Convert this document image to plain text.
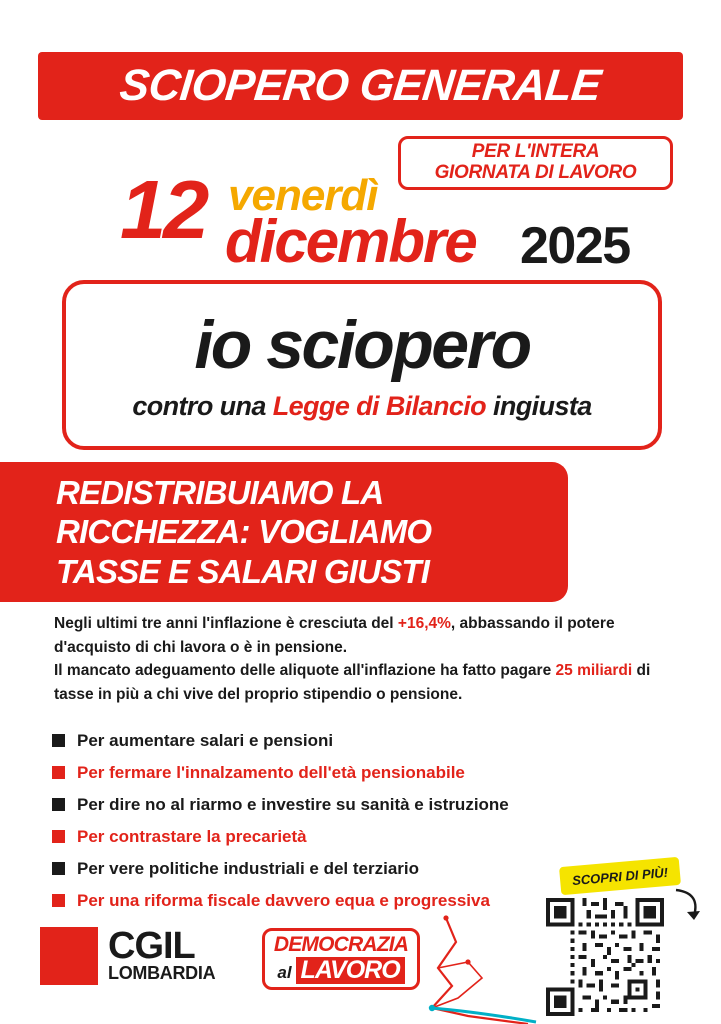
SCIOPERO GENERALE
PER L'INTERA
GIORNATA DI LAVORO
12 venerdì
dicembre 2025
io sciopero
contro una Legge di Bilancio ingiusta
REDISTRIBUIAMO LA
RICCHEZZA: VOGLIAMO
TASSE E SALARI GIUSTI
Negli ultimi tre anni l'inflazione è cresciuta del +16,4%, abbassando il potere d'acquisto di chi lavora o è in pensione.
Il mancato adeguamento delle aliquote all'inflazione ha fatto pagare 25 miliardi di tasse in più a chi vive del proprio stipendio o pensione.
Per aumentare salari e pensioni
Per fermare l'innalzamento dell'età pensionabile
Per dire no al riarmo e investire su sanità e istruzione
Per contrastare la precarietà
Per vere politiche industriali e del terziario
Per una riforma fiscale davvero equa e progressiva
CGIL
LOMBARDIA
DEMOCRAZIA
al LAVORO
SCOPRI DI PIÙ!
